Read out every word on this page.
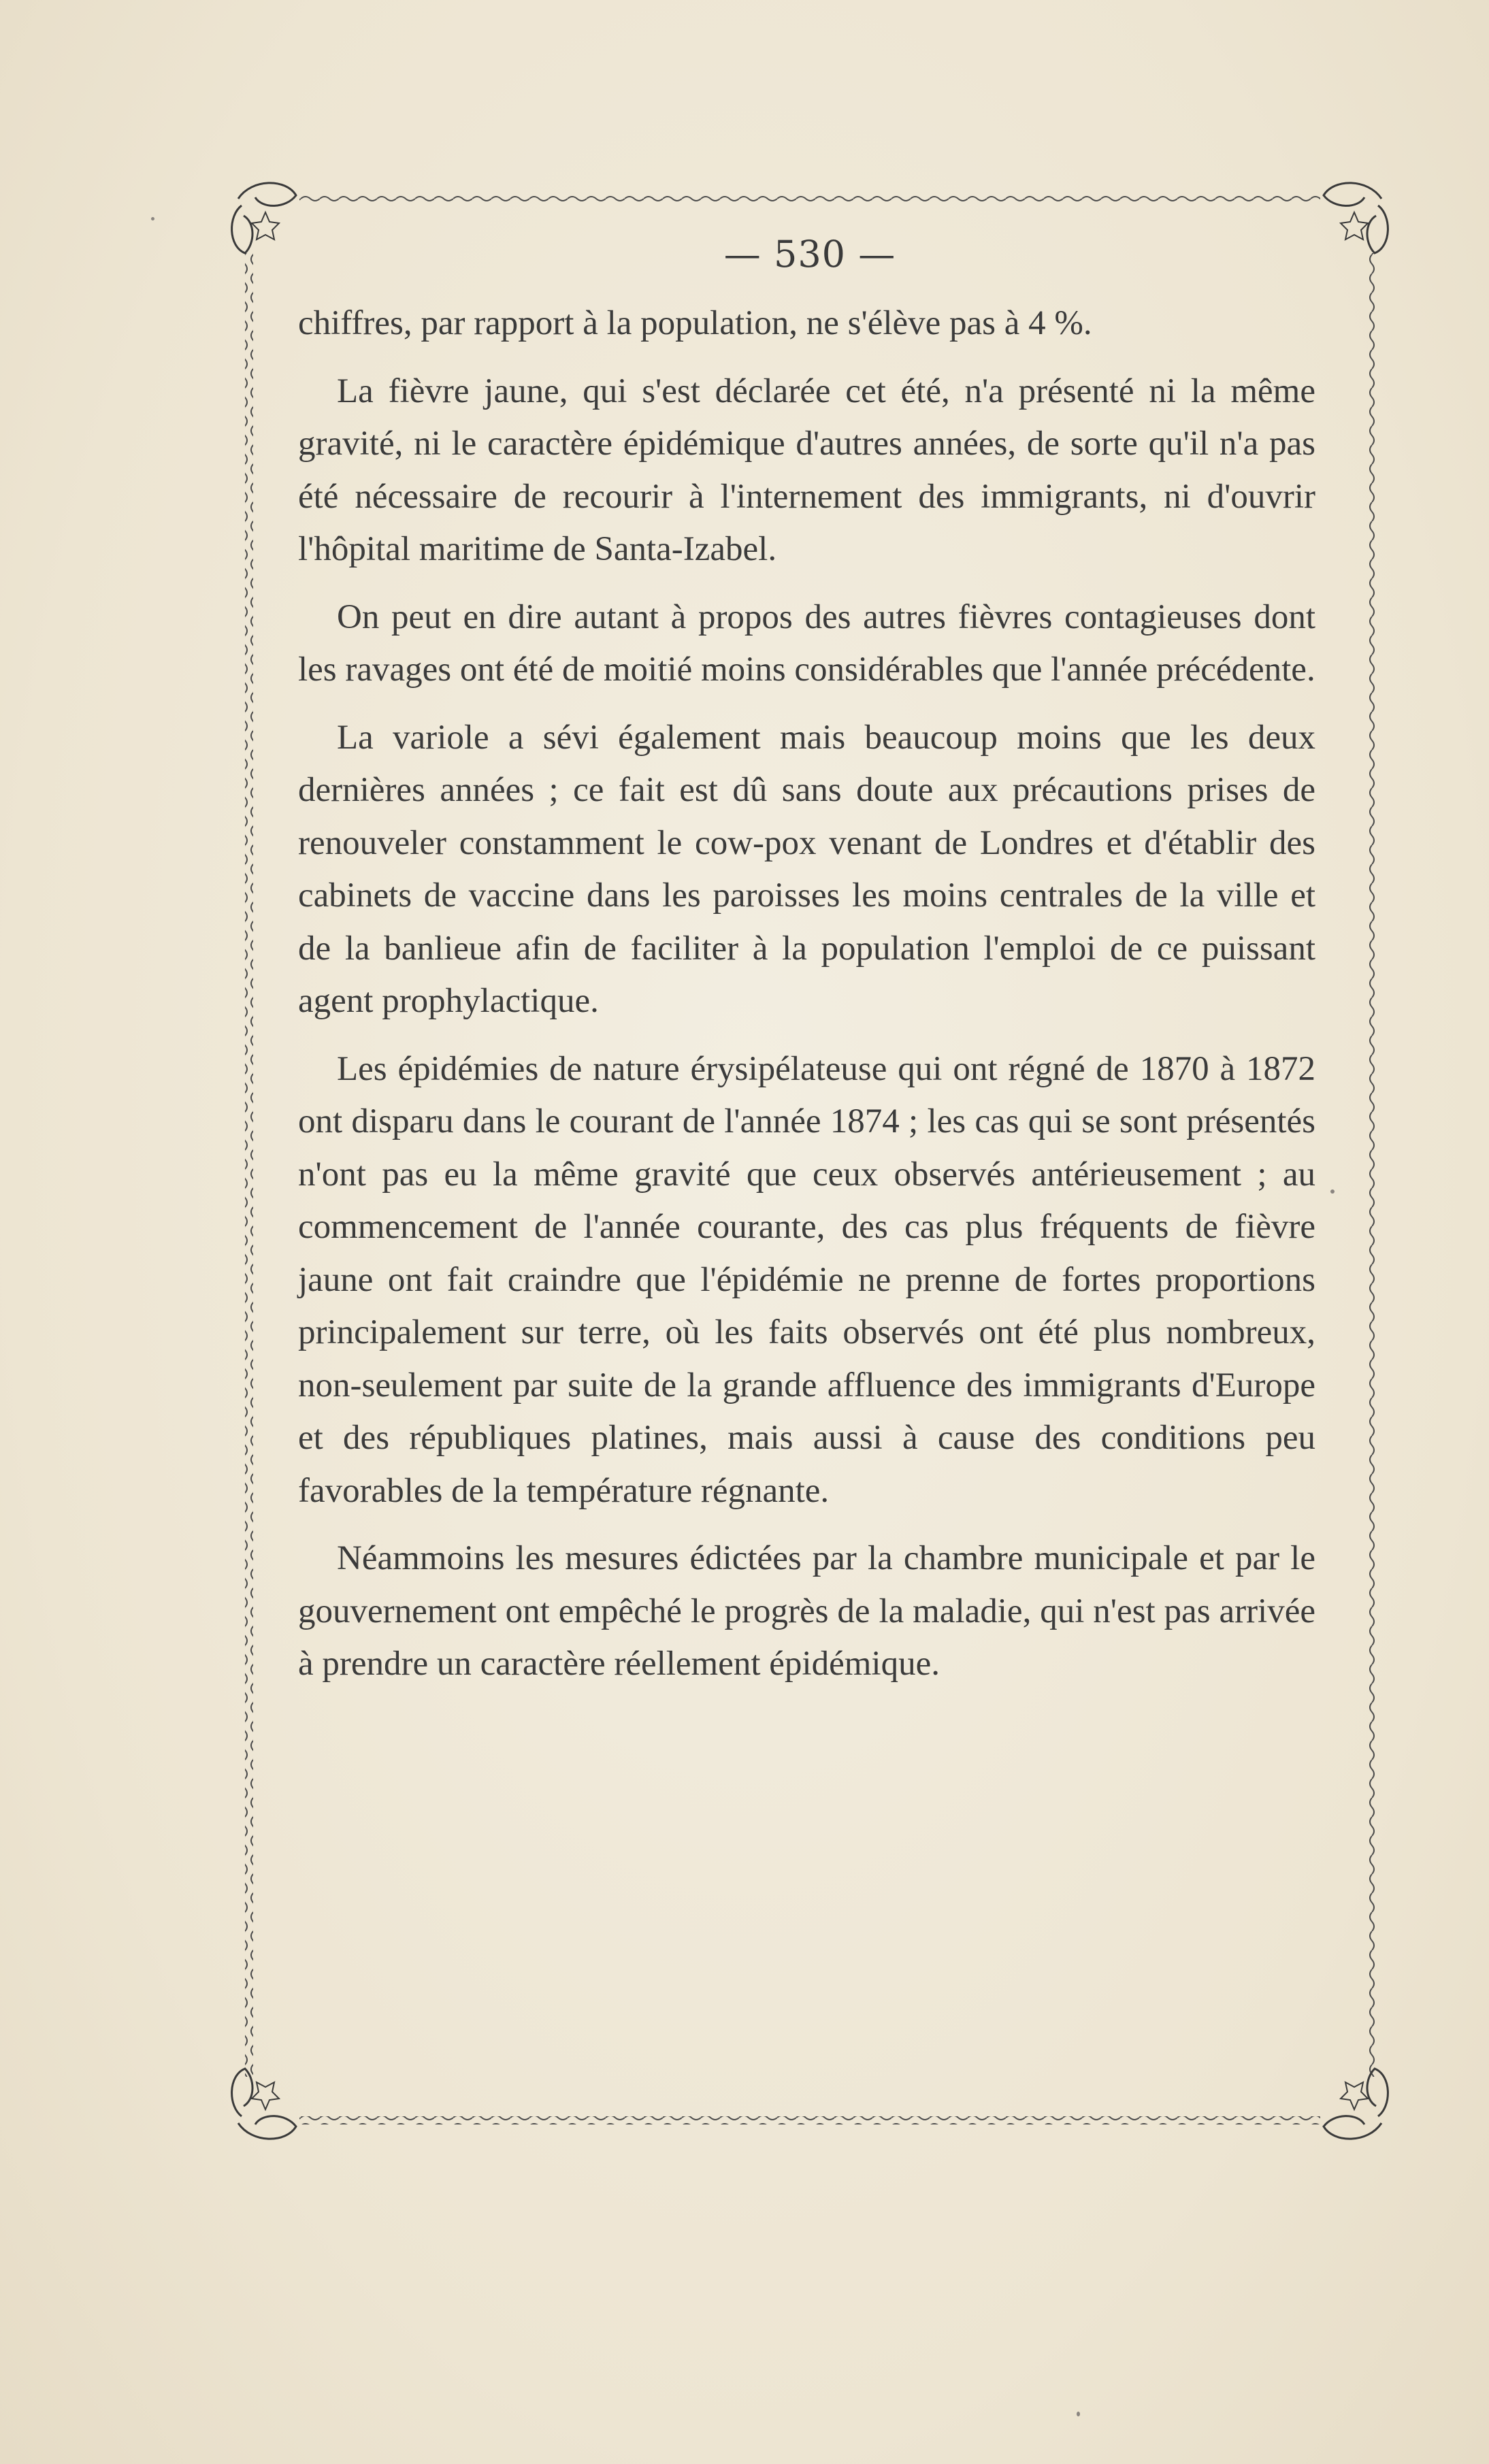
— 530 —

chiffres, par rapport à la population, ne s'élève pas à 4 %.

La fièvre jaune, qui s'est déclarée cet été, n'a présenté ni la même gravité, ni le caractère épidémique d'autres années, de sorte qu'il n'a pas été nécessaire de recourir à l'internement des immigrants, ni d'ouvrir l'hôpital maritime de Santa-Izabel.

On peut en dire autant à propos des autres fièvres contagieuses dont les ravages ont été de moitié moins considérables que l'année précédente.

La variole a sévi également mais beaucoup moins que les deux dernières années ; ce fait est dû sans doute aux précautions prises de renouveler constamment le cow-pox venant de Londres et d'établir des cabinets de vaccine dans les paroisses les moins centrales de la ville et de la banlieue afin de faciliter à la population l'emploi de ce puissant agent prophylactique.

Les épidémies de nature érysipélateuse qui ont régné de 1870 à 1872 ont disparu dans le courant de l'année 1874 ; les cas qui se sont présentés n'ont pas eu la même gravité que ceux observés antérieusement ; au commencement de l'année courante, des cas plus fréquents de fièvre jaune ont fait craindre que l'épidémie ne prenne de fortes proportions principalement sur terre, où les faits observés ont été plus nombreux, non-seulement par suite de la grande affluence des immigrants d'Europe et des républiques platines, mais aussi à cause des conditions peu favorables de la température régnante.

Néammoins les mesures édictées par la chambre municipale et par le gouvernement ont empêché le progrès de la maladie, qui n'est pas arrivée à prendre un caractère réellement épidémique.
